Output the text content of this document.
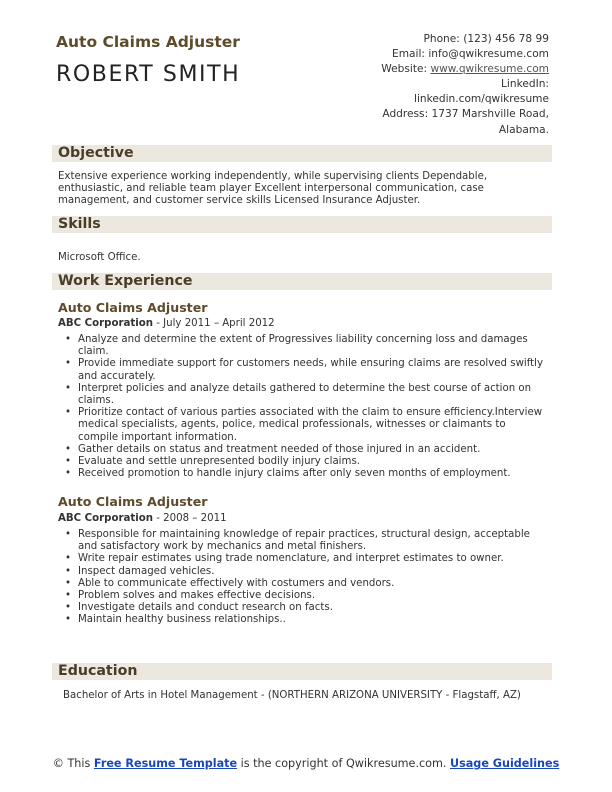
Auto Claims Adjuster
ROBERT SMITH
Phone: (123) 456 78 99
Email: info@qwikresume.com
Website: www.qwikresume.com
LinkedIn:
linkedin.com/qwikresume
Address: 1737 Marshville Road,
Alabama.
Objective
Extensive experience working independently, while supervising clients Dependable, enthusiastic, and reliable team player Excellent interpersonal communication, case management, and customer service skills Licensed Insurance Adjuster.
Skills
Microsoft Office.
Work Experience
Auto Claims Adjuster
ABC Corporation - July 2011 – April 2012
• Analyze and determine the extent of Progressives liability concerning loss and damages claim.
• Provide immediate support for customers needs, while ensuring claims are resolved swiftly and accurately.
• Interpret policies and analyze details gathered to determine the best course of action on claims.
• Prioritize contact of various parties associated with the claim to ensure efficiency.Interview medical specialists, agents, police, medical professionals, witnesses or claimants to compile important information.
• Gather details on status and treatment needed of those injured in an accident.
• Evaluate and settle unrepresented bodily injury claims.
• Received promotion to handle injury claims after only seven months of employment.
Auto Claims Adjuster
ABC Corporation - 2008 – 2011
• Responsible for maintaining knowledge of repair practices, structural design, acceptable and satisfactory work by mechanics and metal finishers.
• Write repair estimates using trade nomenclature, and interpret estimates to owner.
• Inspect damaged vehicles.
• Able to communicate effectively with costumers and vendors.
• Problem solves and makes effective decisions.
• Investigate details and conduct research on facts.
• Maintain healthy business relationships..
Education
Bachelor of Arts in Hotel Management - (NORTHERN ARIZONA UNIVERSITY - Flagstaff, AZ)
© This Free Resume Template is the copyright of Qwikresume.com. Usage Guidelines
